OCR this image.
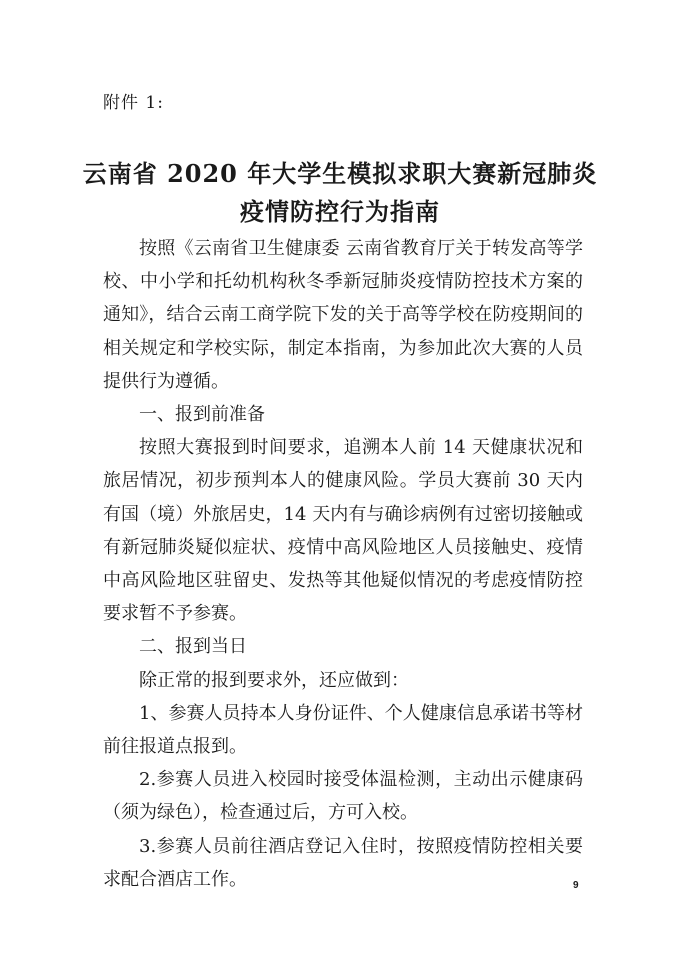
附件 1:
云南省 2020 年大学生模拟求职大赛新冠肺炎
疫情防控行为指南

按照《云南省卫生健康委 云南省教育厅关于转发高等学校、中小学和托幼机构秋冬季新冠肺炎疫情防控技术方案的通知》，结合云南工商学院下发的关于高等学校在防疫期间的相关规定和学校实际，制定本指南，为参加此次大赛的人员提供行为遵循。

一、报到前准备

按照大赛报到时间要求，追溯本人前 14 天健康状况和旅居情况，初步预判本人的健康风险。学员大赛前 30 天内有国（境）外旅居史，14 天内有与确诊病例有过密切接触或有新冠肺炎疑似症状、疫情中高风险地区人员接触史、疫情中高风险地区驻留史、发热等其他疑似情况的考虑疫情防控要求暂不予参赛。

二、报到当日

除正常的报到要求外，还应做到：

1、参赛人员持本人身份证件、个人健康信息承诺书等材前往报道点报到。

2.参赛人员进入校园时接受体温检测，主动出示健康码（须为绿色），检查通过后，方可入校。

3.参赛人员前往酒店登记入住时，按照疫情防控相关要求配合酒店工作。	9
